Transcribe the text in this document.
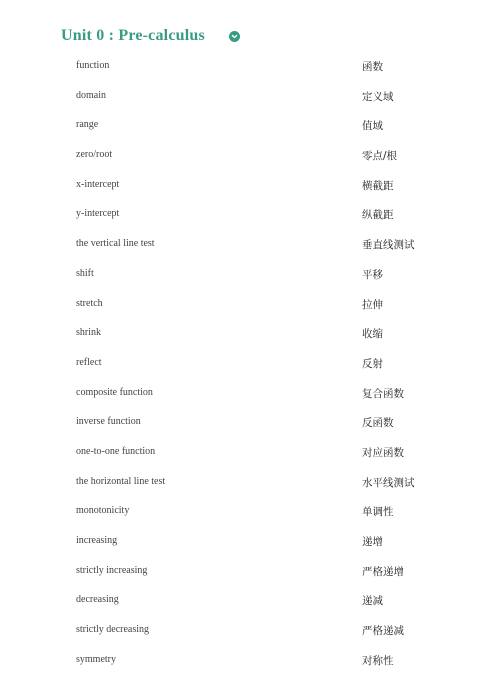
Unit 0 : Pre-calculus
function	函数
domain	定义域
range	值域
zero/root	零点/根
x-intercept	横截距
y-intercept	纵截距
the vertical line test	垂直线测试
shift	平移
stretch	拉伸
shrink	收缩
reflect	反射
composite function	复合函数
inverse function	反函数
one-to-one function	对应函数
the horizontal line test	水平线测试
monotonicity	单调性
increasing	递增
strictly increasing	严格递增
decreasing	递减
strictly decreasing	严格递减
symmetry	对称性
